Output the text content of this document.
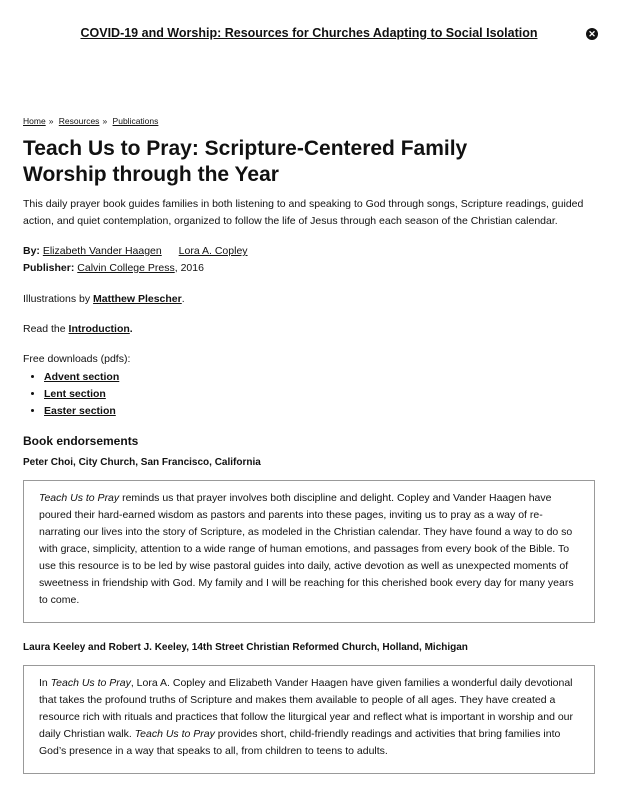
COVID-19 and Worship: Resources for Churches Adapting to Social Isolation	✕
Home » Resources » Publications
Teach Us to Pray: Scripture-Centered Family Worship through the Year

This daily prayer book guides families in both listening to and speaking to God through songs, Scripture readings, guided action, and quiet contemplation, organized to follow the life of Jesus through each season of the Christian calendar.

By: Elizabeth Vander Haagen Lora A. Copley
Publisher: Calvin College Press, 2016

Illustrations by Matthew Plescher.

Read the Introduction.

Free downloads (pdfs):

• Advent section
• Lent section
• Easter section
Book endorsements
Peter Choi, City Church, San Francisco, California
Teach Us to Pray reminds us that prayer involves both discipline and delight. Copley and Vander Haagen have poured their hard-earned wisdom as pastors and parents into these pages, inviting us to pray as a way of re-narrating our lives into the story of Scripture, as modeled in the Christian calendar. They have found a way to do so with grace, simplicity, attention to a wide range of human emotions, and passages from every book of the Bible. To use this resource is to be led by wise pastoral guides into daily, active devotion as well as unexpected moments of sweetness in friendship with God. My family and I will be reaching for this cherished book every day for many years to come.
Laura Keeley and Robert J. Keeley, 14th Street Christian Reformed Church, Holland, Michigan
In Teach Us to Pray, Lora A. Copley and Elizabeth Vander Haagen have given families a wonderful daily devotional that takes the profound truths of Scripture and makes them available to people of all ages. They have created a resource rich with rituals and practices that follow the liturgical year and reflect what is important in worship and our daily Christian walk. Teach Us to Pray provides short, child-friendly readings and activities that bring families into God’s presence in a way that speaks to all, from children to teens to adults.
